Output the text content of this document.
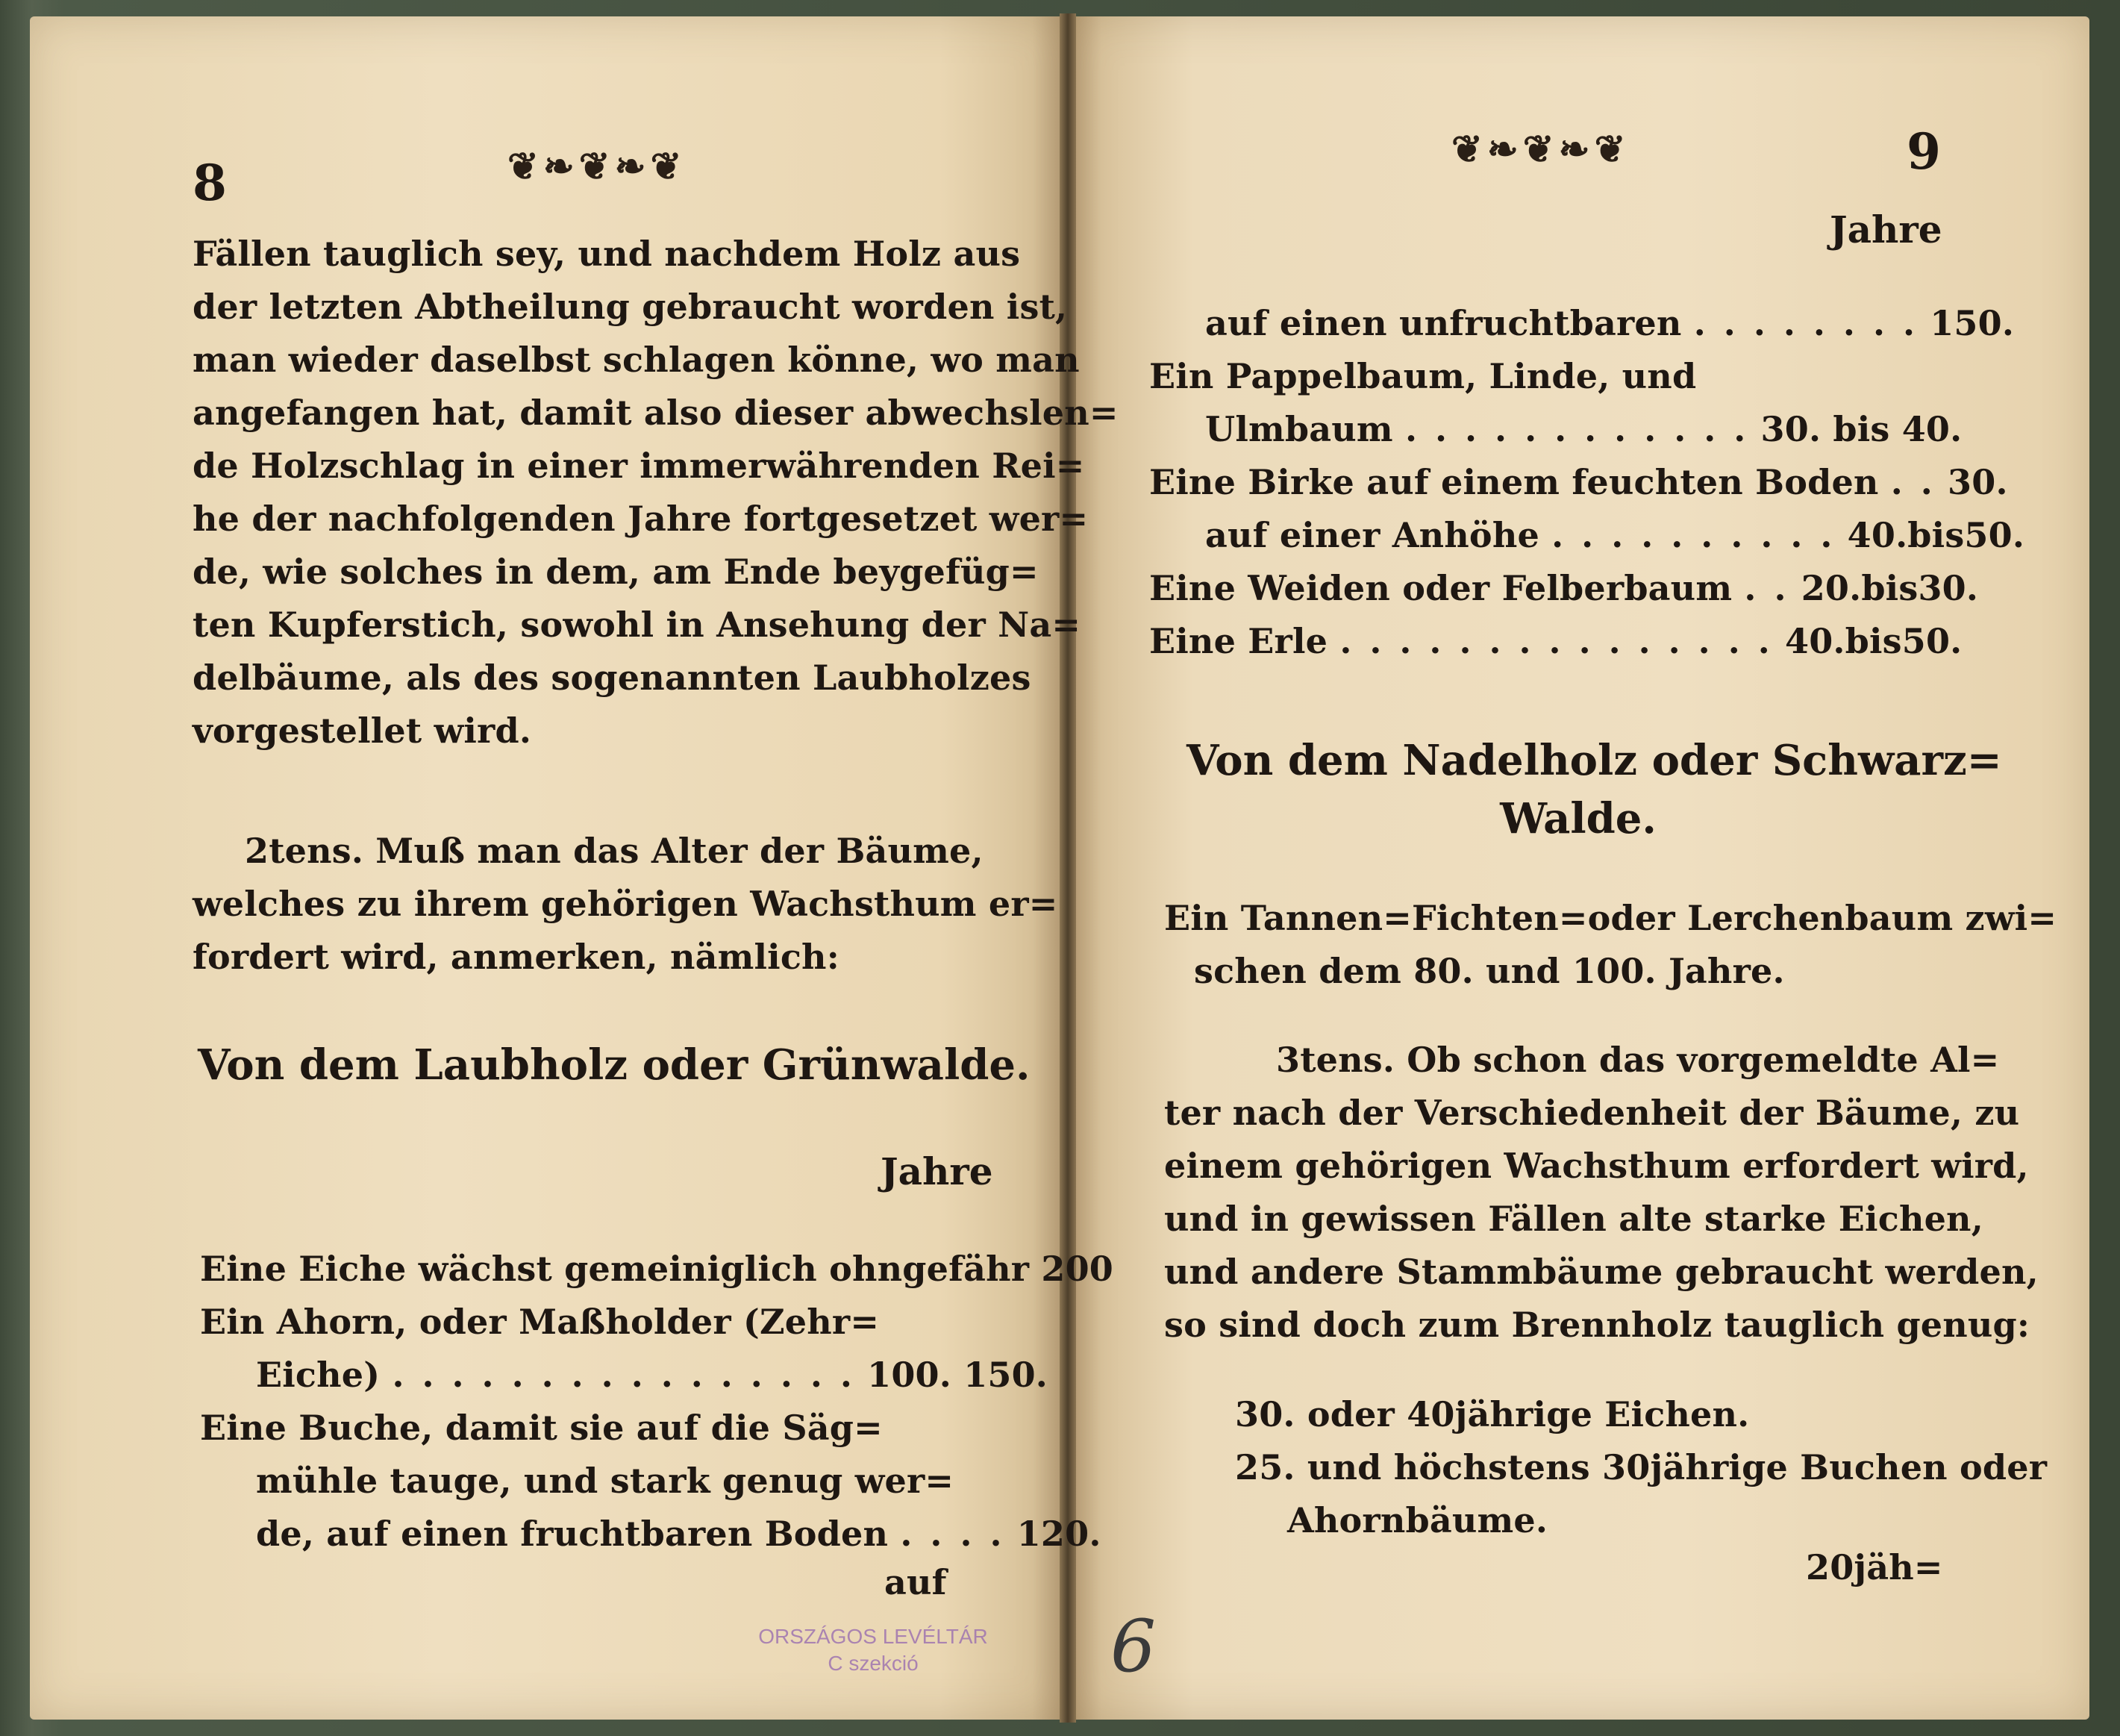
8	❦❧❦❧❦
Fällen tauglich sey, und nachdem Holz aus
der letzten Abtheilung gebraucht worden ist,
man wieder daselbst schlagen könne, wo man
angefangen hat, damit also dieser abwechslen=
de Holzschlag in einer immerwährenden Rei=
he der nachfolgenden Jahre fortgesetzet wer=
de, wie solches in dem, am Ende beygefüg=
ten Kupferstich, sowohl in Ansehung der Na=
delbäume, als des sogenannten Laubholzes
vorgestellet wird.
2tens. Muß man das Alter der Bäume,
welches zu ihrem gehörigen Wachsthum er=
fordert wird, anmerken, nämlich:
Von dem Laubholz oder Grünwalde.
Jahre
Eine Eiche wächst gemeiniglich ohngefähr 200
Ein Ahorn, oder Maßholder (Zehr=
Eiche) . . . . . . . . . . . . . . . . 100. 150.
Eine Buche, damit sie auf die Säg=
mühle tauge, und stark genug wer=
de, auf einen fruchtbaren Boden . . . . 120.
auf
❦❧❦❧❦	9
Jahre
auf einen unfruchtbaren . . . . . . . . 150.
Ein Pappelbaum, Linde, und
Ulmbaum . . . . . . . . . . . . 30. bis 40.
Eine Birke auf einem feuchten Boden . . 30.
auf einer Anhöhe . . . . . . . . . . 40.bis50.
Eine Weiden oder Felberbaum . . 20.bis30.
Eine Erle . . . . . . . . . . . . . . . 40.bis50.
Von dem Nadelholz oder Schwarz=
Walde.
Ein Tannen=Fichten=oder Lerchenbaum zwi=
schen dem 80. und 100. Jahre.
3tens. Ob schon das vorgemeldte Al=
ter nach der Verschiedenheit der Bäume, zu
einem gehörigen Wachsthum erfordert wird,
und in gewissen Fällen alte starke Eichen,
und andere Stammbäume gebraucht werden,
so sind doch zum Brennholz tauglich genug:
30. oder 40jährige Eichen.
25. und höchstens 30jährige Buchen oder
Ahornbäume.
20jäh=
ORSZÁGOS LEVÉLTÁR
C szekció	6
